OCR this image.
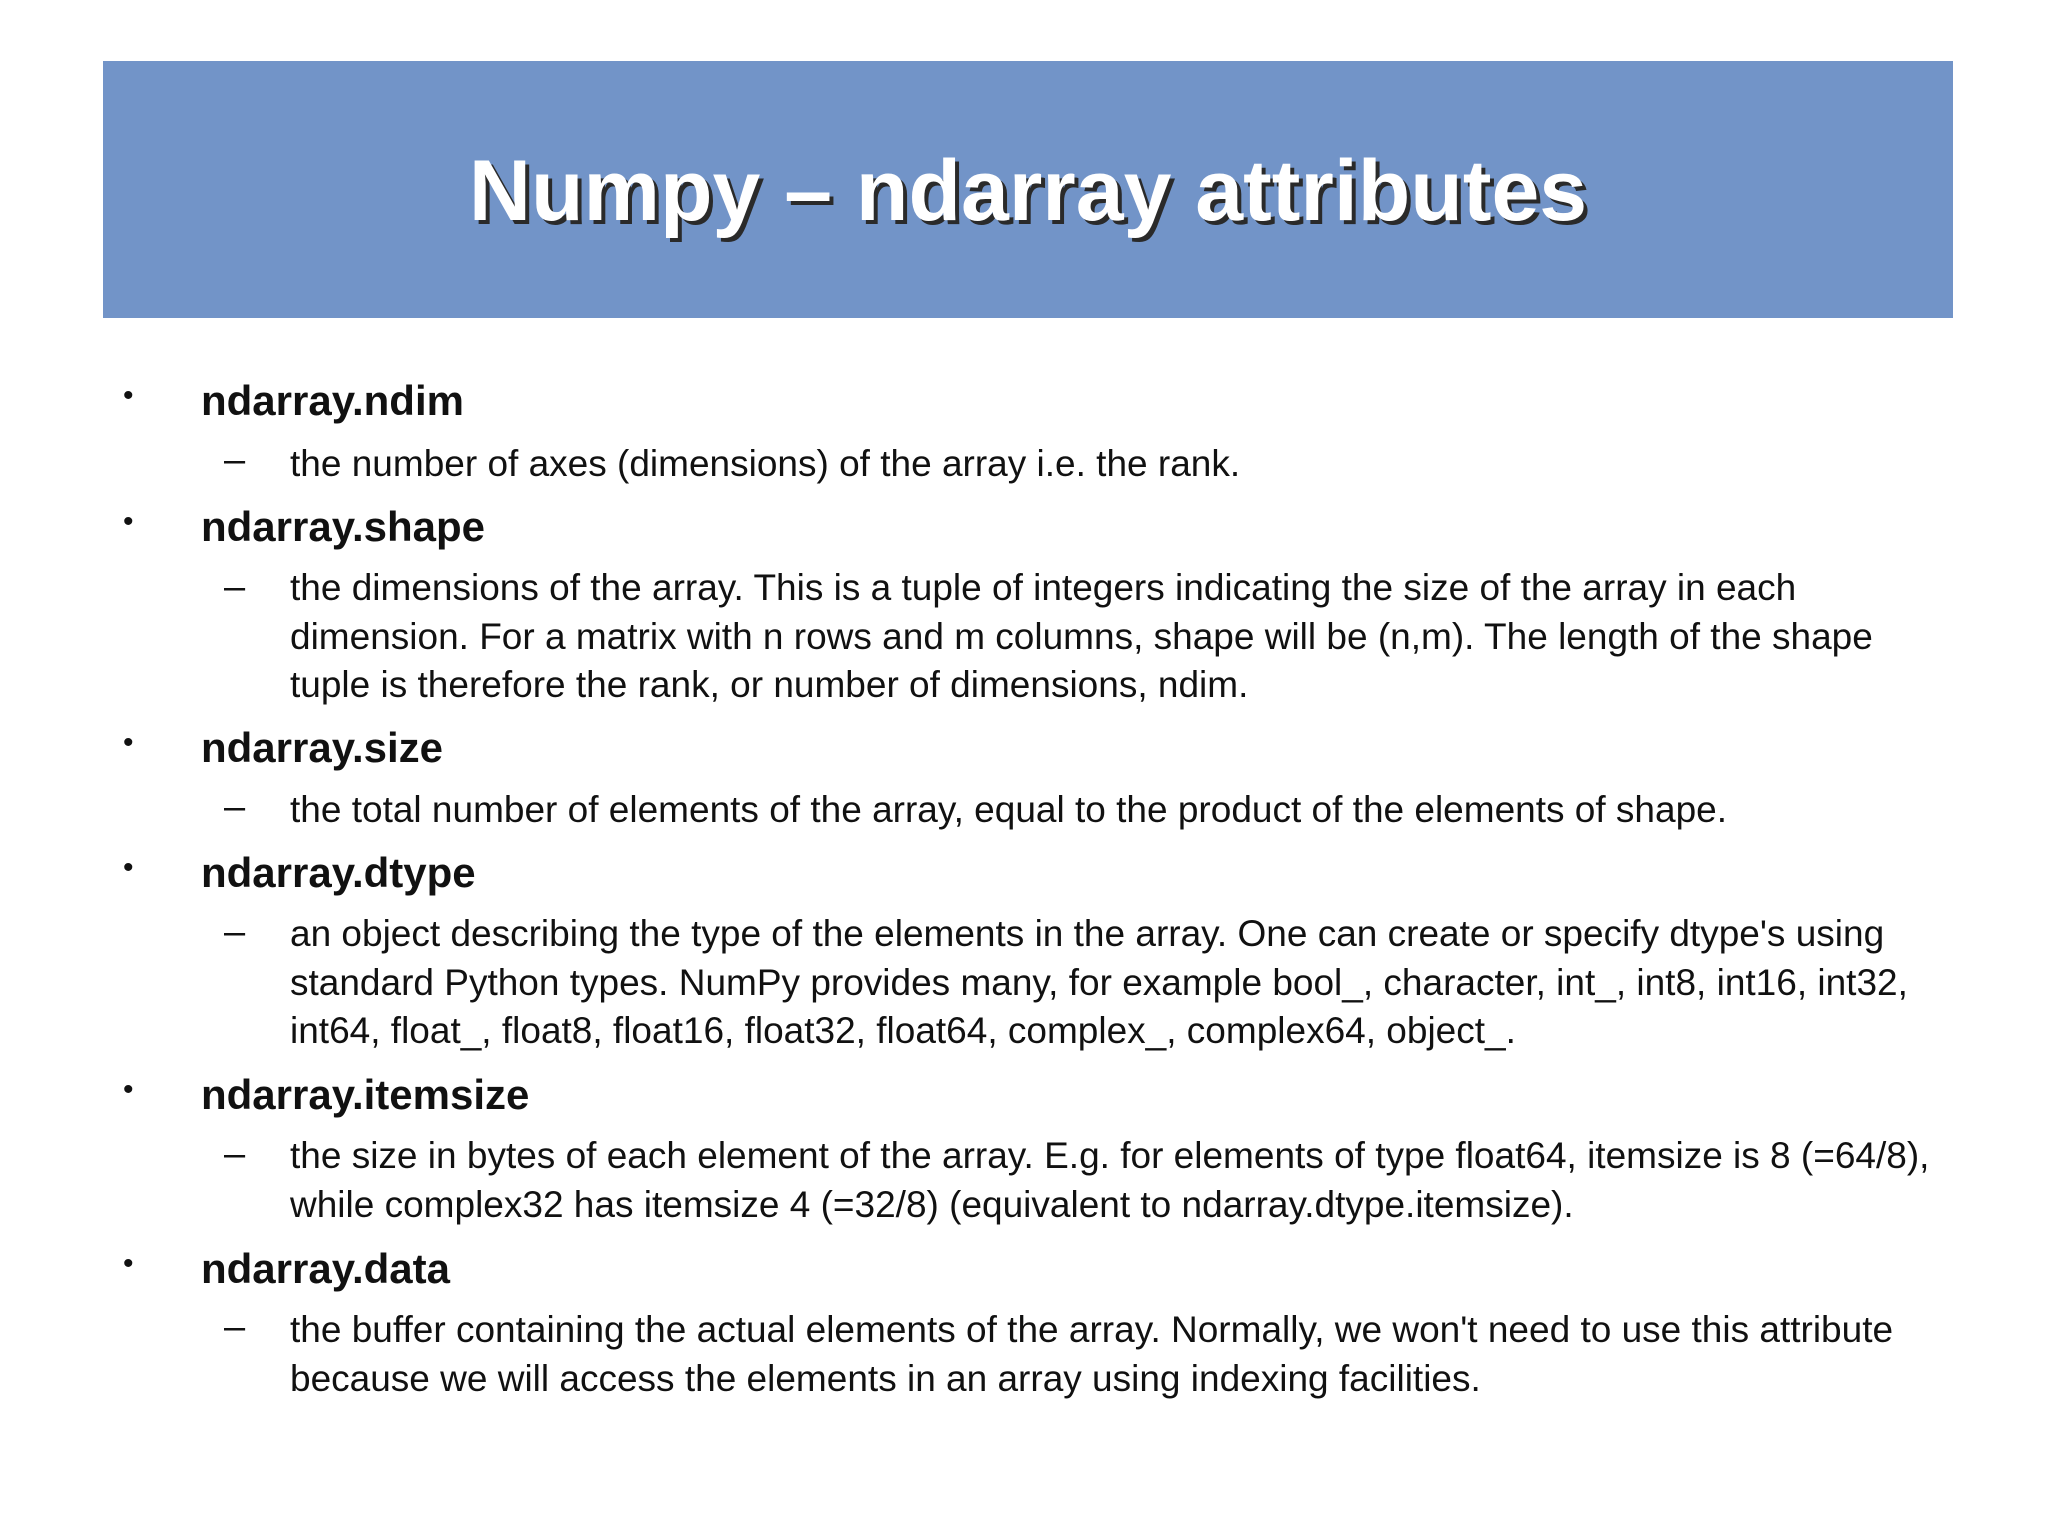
Numpy – ndarray attributes
• ndarray.ndim
– the number of axes (dimensions) of the array i.e. the rank.
• ndarray.shape
– the dimensions of the array. This is a tuple of integers indicating the size of the array in each dimension. For a matrix with n rows and m columns, shape will be (n,m). The length of the shape tuple is therefore the rank, or number of dimensions, ndim.
• ndarray.size
– the total number of elements of the array, equal to the product of the elements of shape.
• ndarray.dtype
– an object describing the type of the elements in the array. One can create or specify dtype's using standard Python types. NumPy provides many, for example bool_, character, int_, int8, int16, int32, int64, float_, float8, float16, float32, float64, complex_, complex64, object_.
• ndarray.itemsize
– the size in bytes of each element of the array. E.g. for elements of type float64, itemsize is 8 (=64/8), while complex32 has itemsize 4 (=32/8) (equivalent to ndarray.dtype.itemsize).
• ndarray.data
– the buffer containing the actual elements of the array. Normally, we won't need to use this attribute because we will access the elements in an array using indexing facilities.
